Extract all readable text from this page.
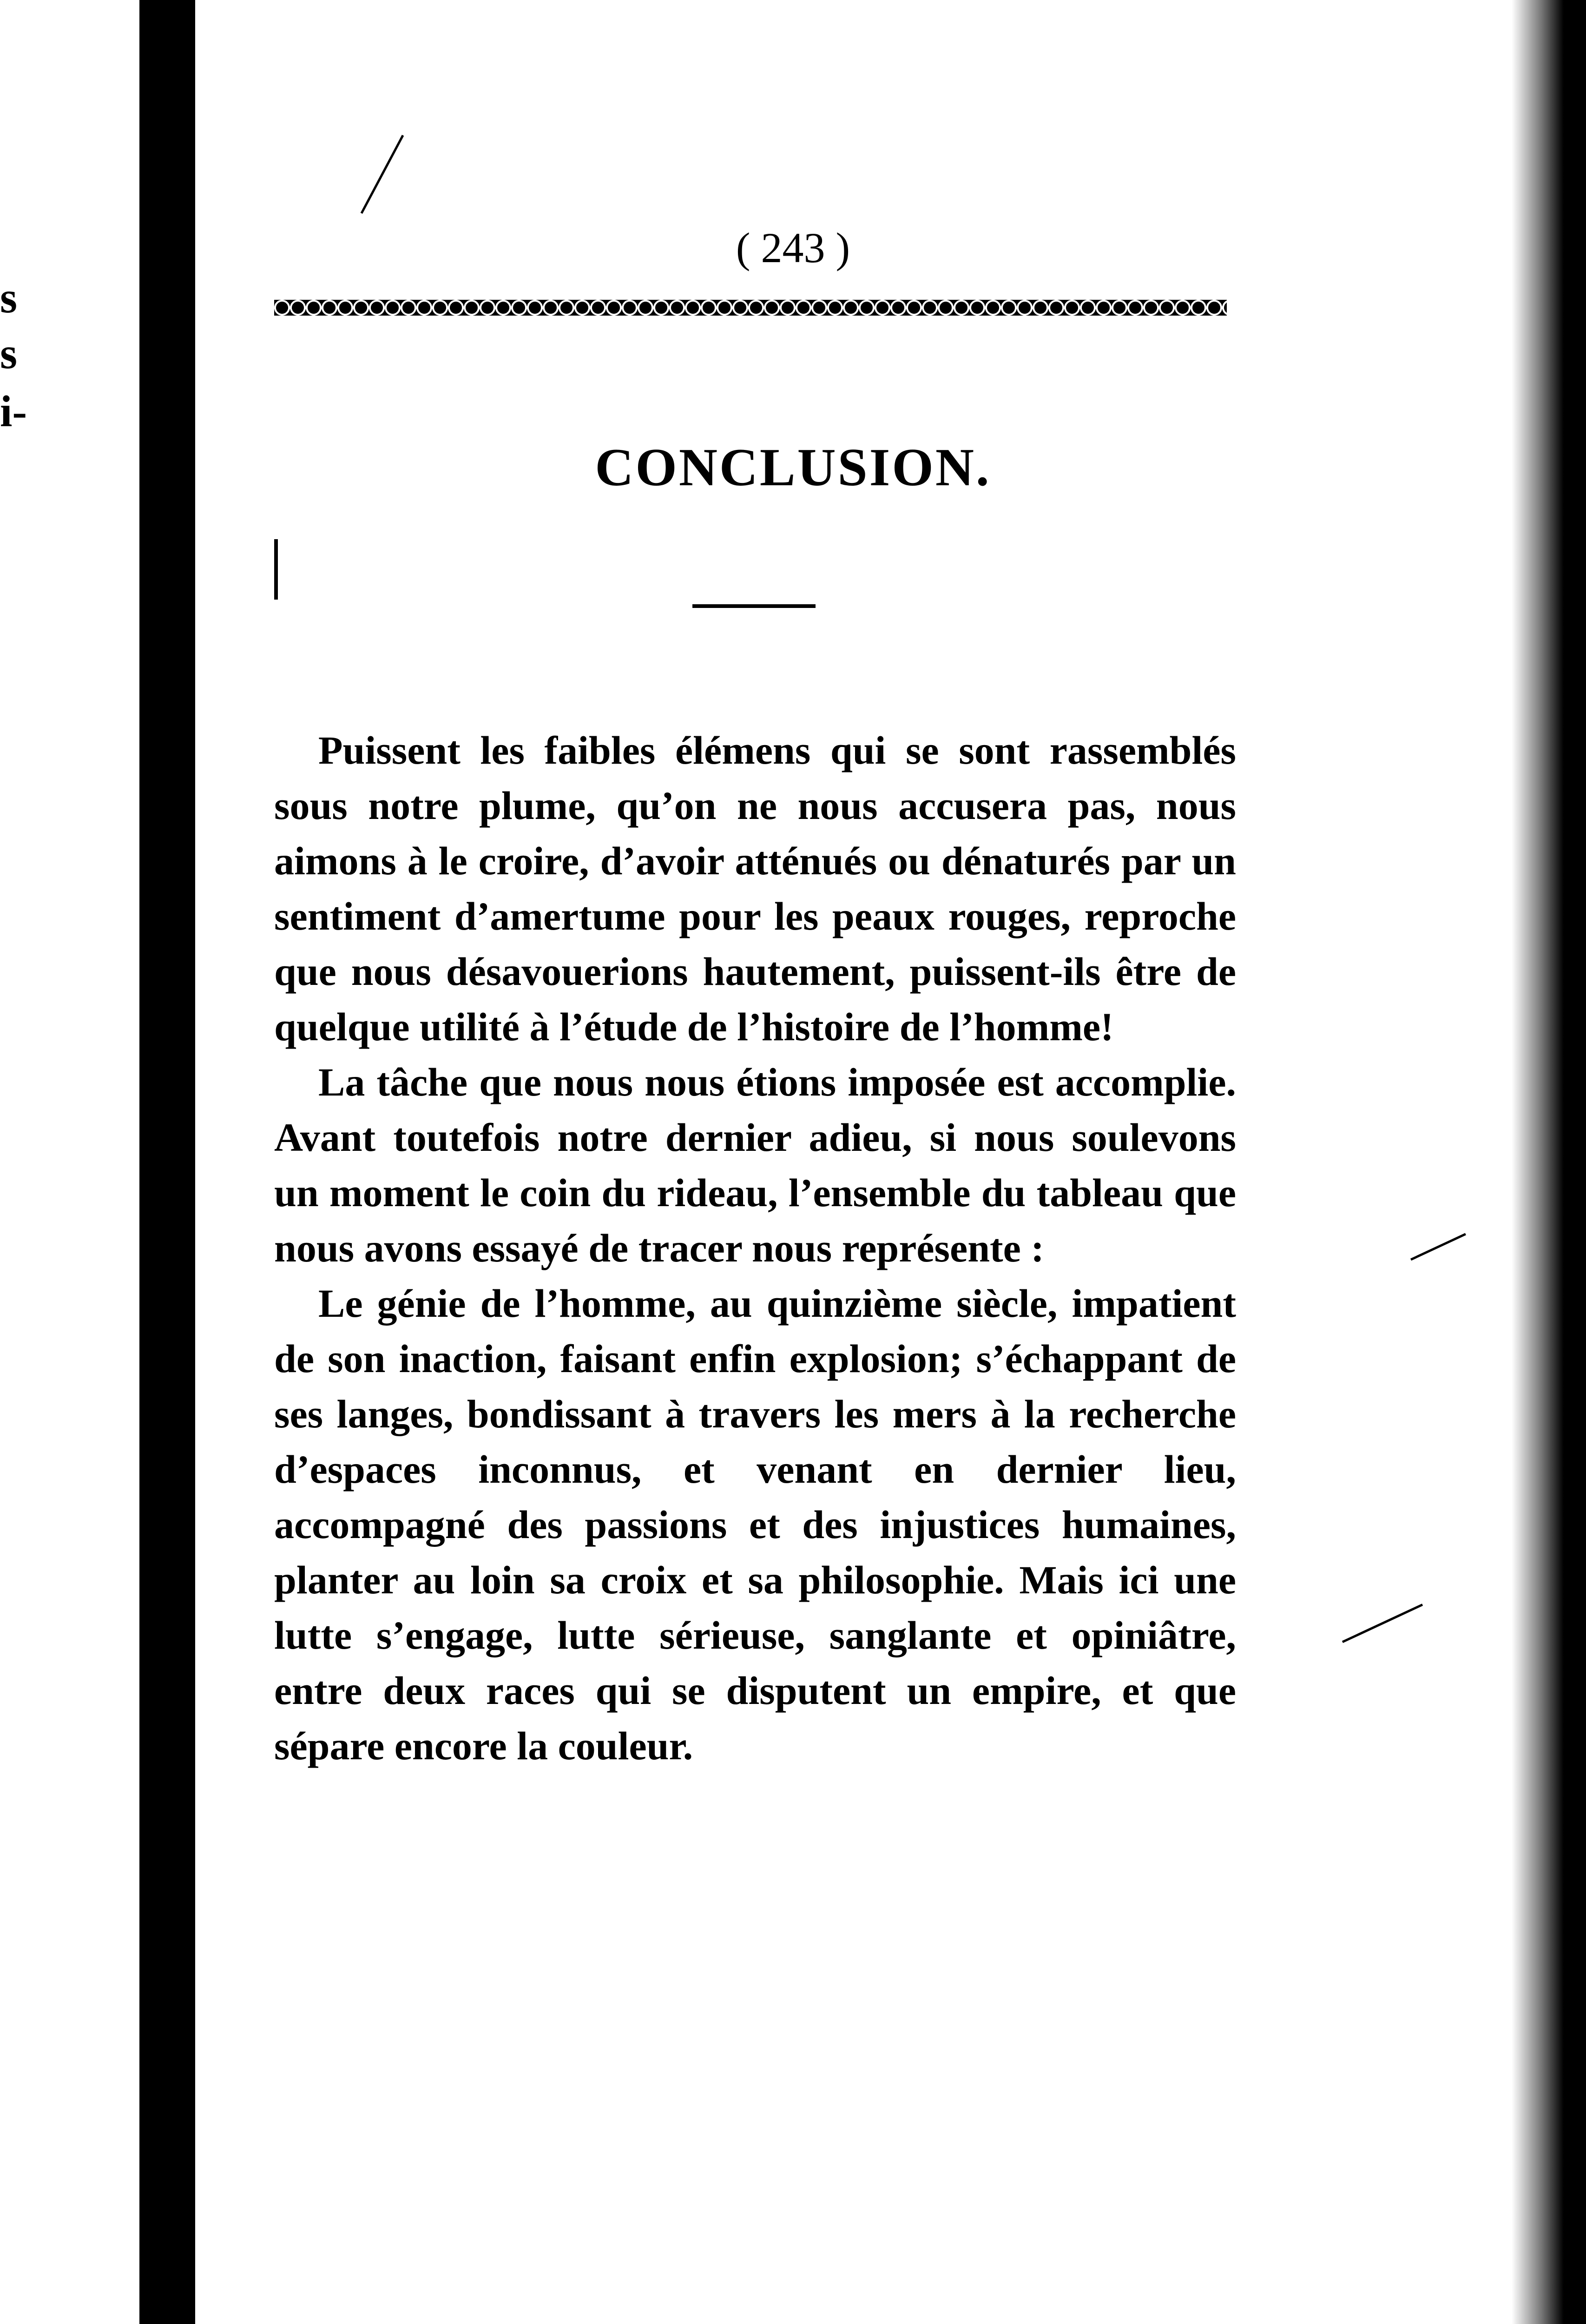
s
s
i-
( 243 )
CONCLUSION.

Puissent les faibles élémens qui se sont rassemblés sous notre plume, qu’on ne nous accusera pas, nous aimons à le croire, d’avoir atténués ou dénaturés par un sentiment d’amertume pour les peaux rouges, reproche que nous désavouerions hautement, puissent-ils être de quelque utilité à l’étude de l’histoire de l’homme!

La tâche que nous nous étions imposée est accomplie. Avant toutefois notre dernier adieu, si nous soulevons un moment le coin du rideau, l’ensemble du tableau que nous avons essayé de tracer nous représente :

Le génie de l’homme, au quinzième siècle, impatient de son inaction, faisant enfin explosion; s’échappant de ses langes, bondissant à travers les mers à la recherche d’espaces inconnus, et venant en dernier lieu, accompagné des passions et des injustices humaines, planter au loin sa croix et sa philosophie. Mais ici une lutte s’engage, lutte sérieuse, sanglante et opiniâtre, entre deux races qui se disputent un empire, et que sépare encore la couleur.
